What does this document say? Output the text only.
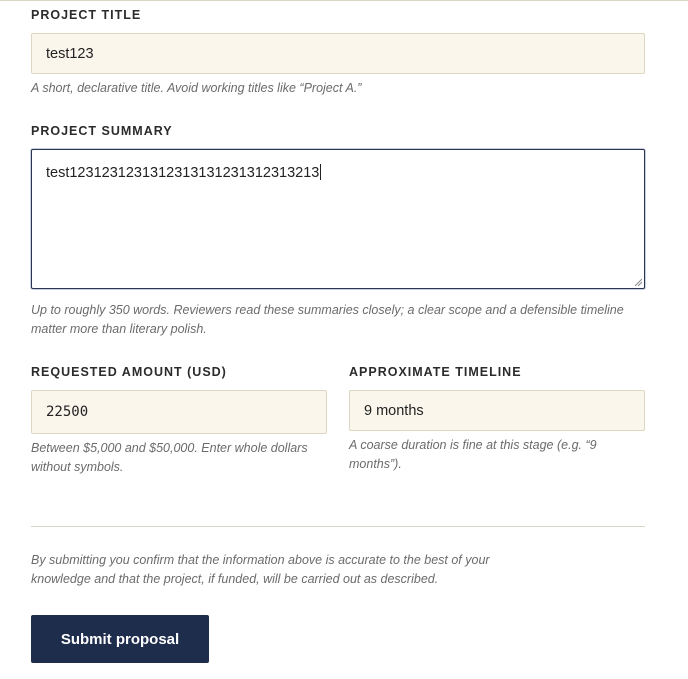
PROJECT TITLE
test123
A short, declarative title. Avoid working titles like “Project A.”
PROJECT SUMMARY
test12312312313123131312313123132​13
Up to roughly 350 words. Reviewers read these summaries closely; a clear scope and a defensible timeline matter more than literary polish.
REQUESTED AMOUNT (USD)
22500
Between $5,000 and $50,000. Enter whole dollars without symbols.
APPROXIMATE TIMELINE
9 months
A coarse duration is fine at this stage (e.g. “9 months”).
By submitting you confirm that the information above is accurate to the best of your knowledge and that the project, if funded, will be carried out as described.
Submit proposal
